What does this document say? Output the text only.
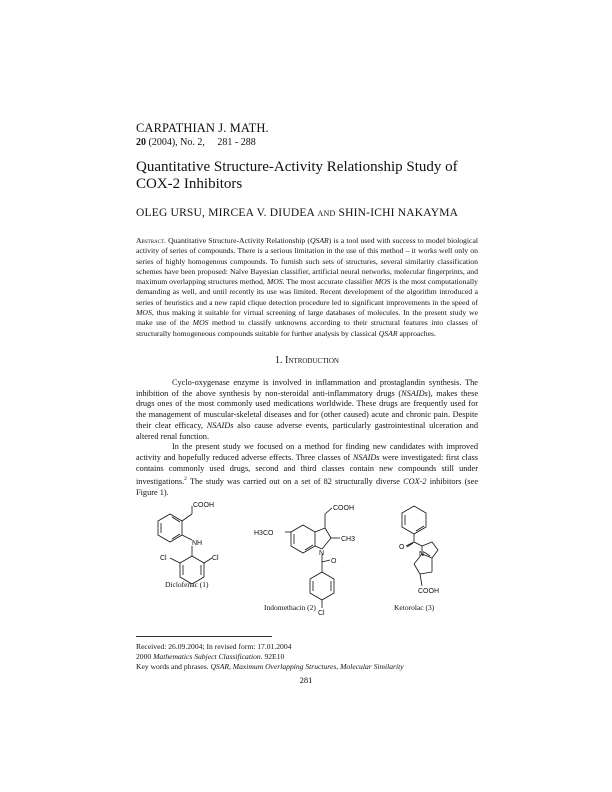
CARPATHIAN J. MATH.
20 (2004), No. 2,     281 - 288
Quantitative Structure-Activity Relationship Study of
COX-2 Inhibitors
OLEG URSU, MIRCEA V. DIUDEA and SHIN-ICHI NAKAYMA
Abstract. Quantitative Structure-Activity Relationship (QSAR) is a tool used with success to model biological activity of series of compounds. There is a serious limitation in the use of this method – it works well only on series of highly homogenous compounds. To furnish such sets of structures, several similarity classification schemes have been proposed: Naïve Bayesian classifier, artificial neural networks, molecular fingerprints, and maximum overlapping structures method, MOS. The most accurate classifier MOS is the most computationally demanding as well, and until recently its use was limited. Recent development of the algorithm introduced a series of heuristics and a new rapid clique detection procedure led to significant improvements in the speed of MOS, thus making it suitable for virtual screening of large databases of molecules. In the present study we make use of the MOS method to classify unknowns according to their structural features into classes of structurally homogeneous compounds suitable for further analysis by classical QSAR approaches.
1. Introduction

Cyclo-oxygenase enzyme is involved in inflammation and prostaglandin synthesis. The inhibition of the above synthesis by non-steroidal anti-inflammatory drugs (NSAIDs), makes these drugs ones of the most commonly used medications worldwide. These drugs are frequently used for the management of muscular-skeletal diseases and for (other caused) acute and chronic pain. Despite their clear efficacy, NSAIDs also cause adverse events, particularly gastrointestinal ulceration and altered renal function.

In the present study we focused on a method for finding new candidates with improved activity and hopefully reduced adverse effects. Three classes of NSAIDs were investigated: first class contains commonly used drugs, second and third classes contain new compounds still under investigations.$^2$ The study was carried out on a set of 82 structurally diverse COX-2 inhibitors (see Figure 1).

COOH
NH
Cl	Cl
COOH
H3CO
CH3
N
O
Cl
O
N
COOH
Diclofenac (1)
Indomethacin (2)	Ketorolac (3)
Received: 26.09.2004; In revised form: 17.01.2004
2000 Mathematics Subject Classification. 92E10
Key words and phrases. QSAR, Maximum Overlapping Structures, Molecular Similarity
281
